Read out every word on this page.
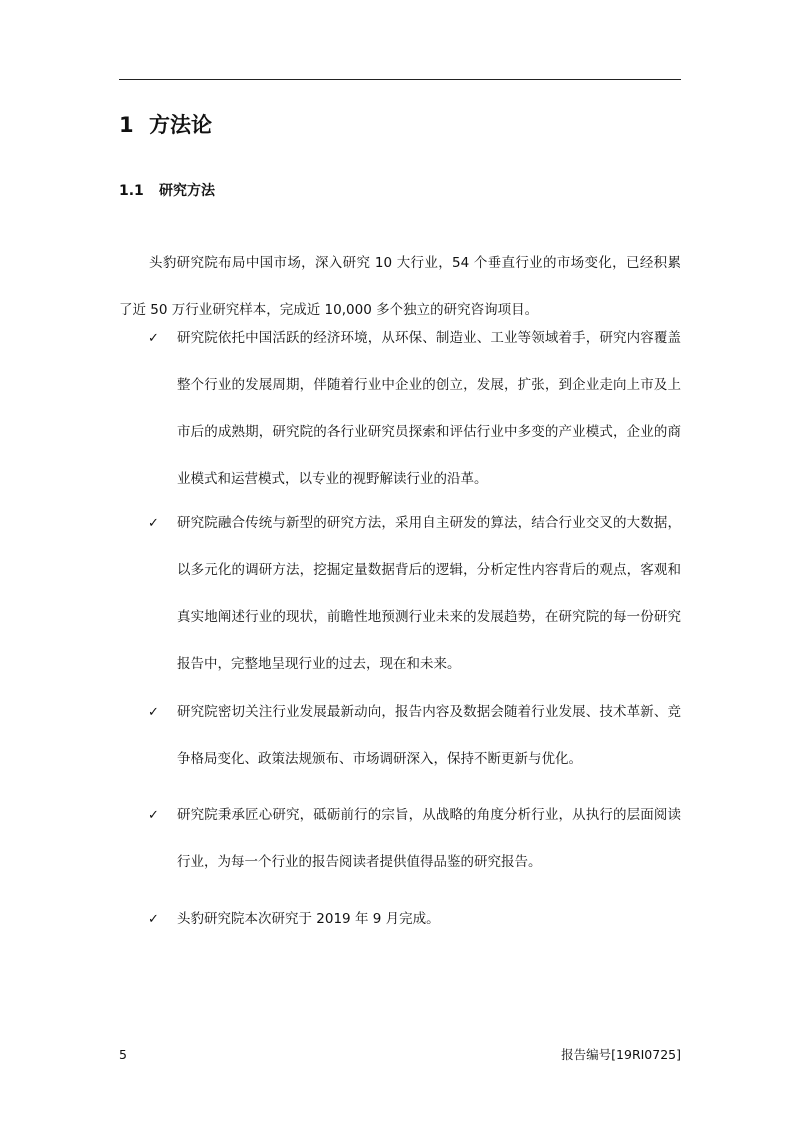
1 方法论
1.1 研究方法

头豹研究院布局中国市场，深入研究 10 大行业，54 个垂直行业的市场变化，已经积累了近 50 万行业研究样本，完成近 10,000 多个独立的研究咨询项目。

✓	研究院依托中国活跃的经济环境，从环保、制造业、工业等领域着手，研究内容覆盖整个行业的发展周期，伴随着行业中企业的创立，发展，扩张，到企业走向上市及上市后的成熟期，研究院的各行业研究员探索和评估行业中多变的产业模式，企业的商业模式和运营模式，以专业的视野解读行业的沿革。

✓	研究院融合传统与新型的研究方法，采用自主研发的算法，结合行业交叉的大数据，以多元化的调研方法，挖掘定量数据背后的逻辑，分析定性内容背后的观点，客观和真实地阐述行业的现状，前瞻性地预测行业未来的发展趋势，在研究院的每一份研究报告中，完整地呈现行业的过去，现在和未来。

✓	研究院密切关注行业发展最新动向，报告内容及数据会随着行业发展、技术革新、竞争格局变化、政策法规颁布、市场调研深入，保持不断更新与优化。

✓	研究院秉承匠心研究，砥砺前行的宗旨，从战略的角度分析行业，从执行的层面阅读行业，为每一个行业的报告阅读者提供值得品鉴的研究报告。

✓	头豹研究院本次研究于 2019 年 9 月完成。

5	报告编号[19RI0725]
